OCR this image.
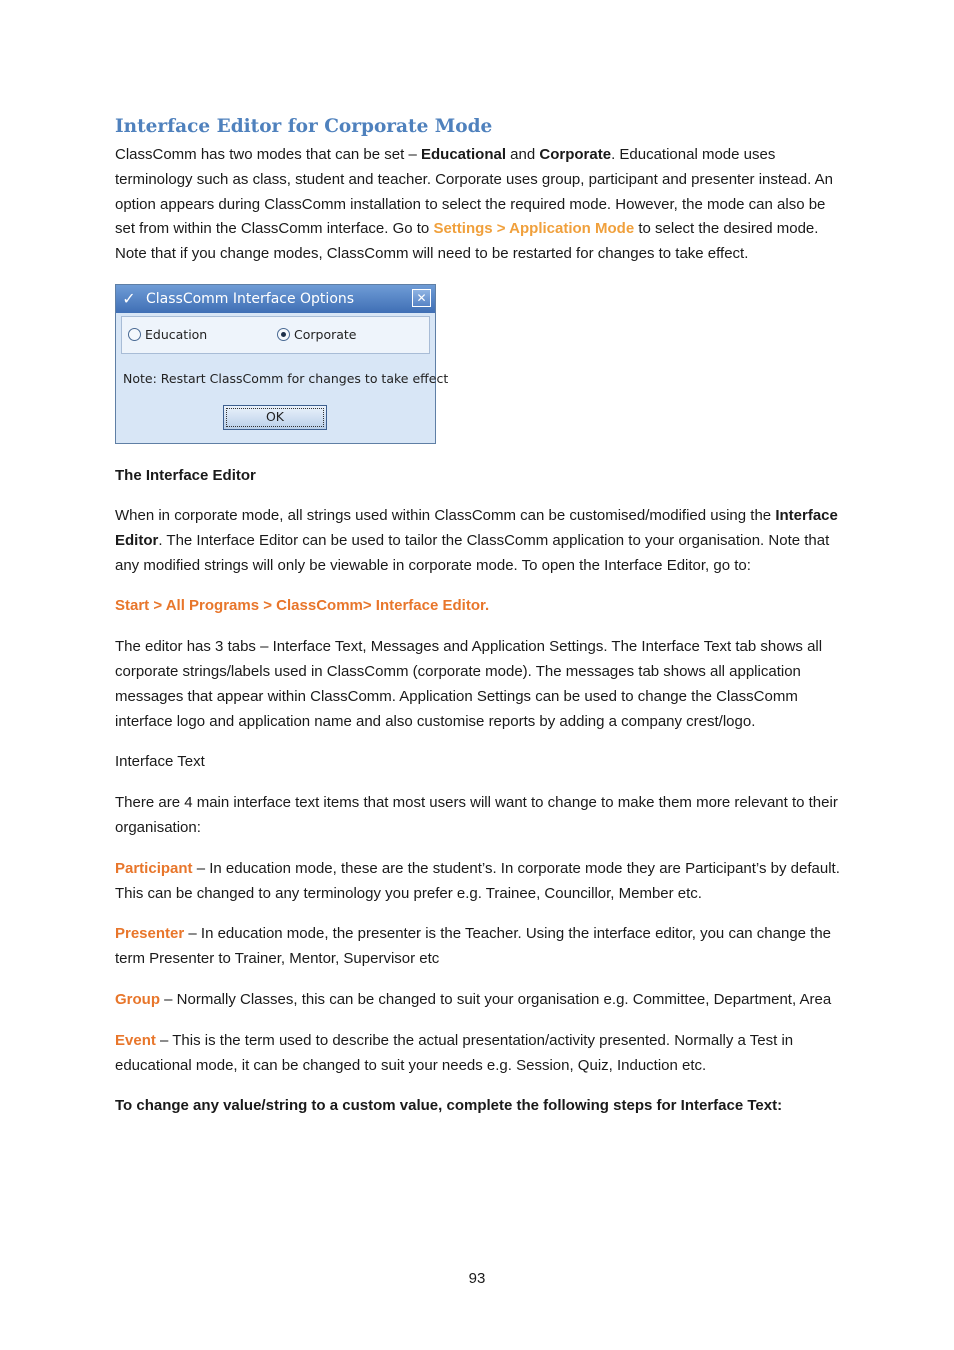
Interface Editor for Corporate Mode

ClassComm has two modes that can be set – Educational and Corporate. Educational mode uses terminology such as class, student and teacher. Corporate uses group, participant and presenter instead. An option appears during ClassComm installation to select the required mode. However, the mode can also be set from within the ClassComm interface. Go to Settings > Application Mode to select the desired mode. Note that if you change modes, ClassComm will need to be restarted for changes to take effect.

✓ ClassComm Interface Options	✕
Education	Corporate
Note: Restart ClassComm for changes to take effect
OK
The Interface Editor

When in corporate mode, all strings used within ClassComm can be customised/modified using the Interface Editor. The Interface Editor can be used to tailor the ClassComm application to your organisation. Note that any modified strings will only be viewable in corporate mode. To open the Interface Editor, go to:

Start > All Programs > ClassComm> Interface Editor.

The editor has 3 tabs – Interface Text, Messages and Application Settings. The Interface Text tab shows all corporate strings/labels used in ClassComm (corporate mode). The messages tab shows all application messages that appear within ClassComm. Application Settings can be used to change the ClassComm interface logo and application name and also customise reports by adding a company crest/logo.

Interface Text

There are 4 main interface text items that most users will want to change to make them more relevant to their organisation:

Participant – In education mode, these are the student’s. In corporate mode they are Participant’s by default. This can be changed to any terminology you prefer e.g. Trainee, Councillor, Member etc.

Presenter – In education mode, the presenter is the Teacher. Using the interface editor, you can change the term Presenter to Trainer, Mentor, Supervisor etc

Group – Normally Classes, this can be changed to suit your organisation e.g. Committee, Department, Area

Event – This is the term used to describe the actual presentation/activity presented. Normally a Test in educational mode, it can be changed to suit your needs e.g. Session, Quiz, Induction etc.

To change any value/string to a custom value, complete the following steps for Interface Text:

93
